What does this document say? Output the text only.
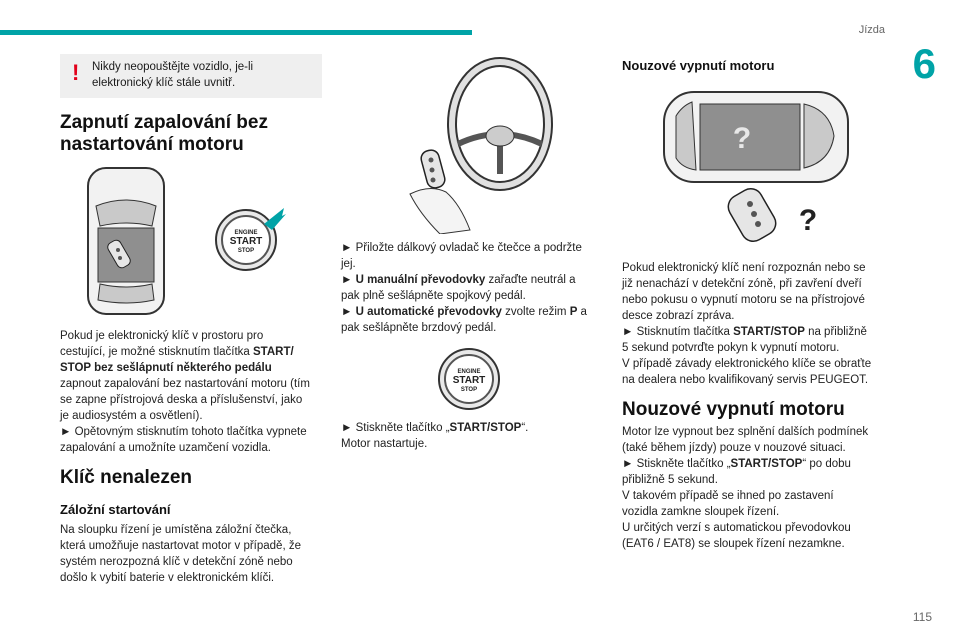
Jízda
6
115
! Nikdy neopouštějte vozidlo, je-li
elektronický klíč stále uvnitř.
Zapnutí zapalování bez
nastartování motoru
ENGINE
START
STOP
Pokud je elektronický klíč v prostoru pro
cestující, je možné stisknutím tlačítka START/
STOP bez sešlápnutí některého pedálu
zapnout zapalování bez nastartování motoru (tím
se zapne přístrojová deska a příslušenství, jako
je audiosystém a osvětlení).
► Opětovným stisknutím tohoto tlačítka vypnete
zapalování a umožníte uzamčení vozidla.
Klíč nenalezen
Záložní startování
Na sloupku řízení je umístěna záložní čtečka,
která umožňuje nastartovat motor v případě, že
systém nerozpozná klíč v detekční zóně nebo
došlo k vybití baterie v elektronickém klíči.
► Přiložte dálkový ovladač ke čtečce a podržte
jej.
► U manuální převodovky zařaďte neutrál a
pak plně sešlápněte spojkový pedál.
► U automatické převodovky zvolte režim P a
pak sešlápněte brzdový pedál.
ENGINE
START
STOP
► Stiskněte tlačítko „START/STOP“.
Motor nastartuje.
Nouzové vypnutí motoru
?
?
Pokud elektronický klíč není rozpoznán nebo se
již nenachází v detekční zóně, při zavření dveří
nebo pokusu o vypnutí motoru se na přístrojové
desce zobrazí zpráva.
► Stisknutím tlačítka START/STOP na přibližně
5 sekund potvrďte pokyn k vypnutí motoru.
V případě závady elektronického klíče se obraťte
na dealera nebo kvalifikovaný servis PEUGEOT.
Nouzové vypnutí motoru
Motor lze vypnout bez splnění dalších podmínek
(také během jízdy) pouze v nouzové situaci.
► Stiskněte tlačítko „START/STOP“ po dobu
přibližně 5 sekund.
V takovém případě se ihned po zastavení
vozidla zamkne sloupek řízení.
U určitých verzí s automatickou převodovkou
(EAT6 / EAT8) se sloupek řízení nezamkne.
